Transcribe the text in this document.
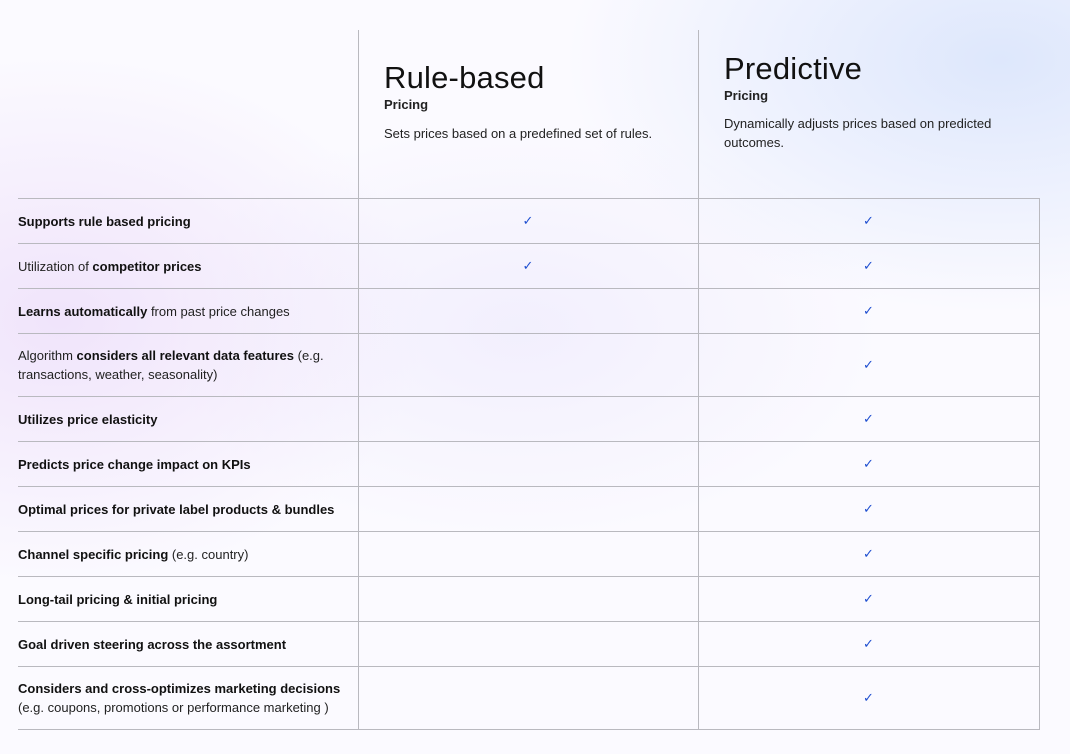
Rule-based
Pricing
Sets prices based on a predefined set of rules.
Predictive
Pricing
Dynamically adjusts prices based on predicted outcomes.
Supports rule based pricing	✓	✓
Utilization of competitor prices	✓	✓
Learns automatically from past price changes		✓
Algorithm considers all relevant data features (e.g. transactions, weather, seasonality)		✓
Utilizes price elasticity		✓
Predicts price change impact on KPIs		✓
Optimal prices for private label products & bundles		✓
Channel specific pricing (e.g. country)		✓
Long-tail pricing & initial pricing		✓
Goal driven steering across the assortment		✓
Considers and cross-optimizes marketing decisions (e.g. coupons, promotions or performance marketing )		✓
